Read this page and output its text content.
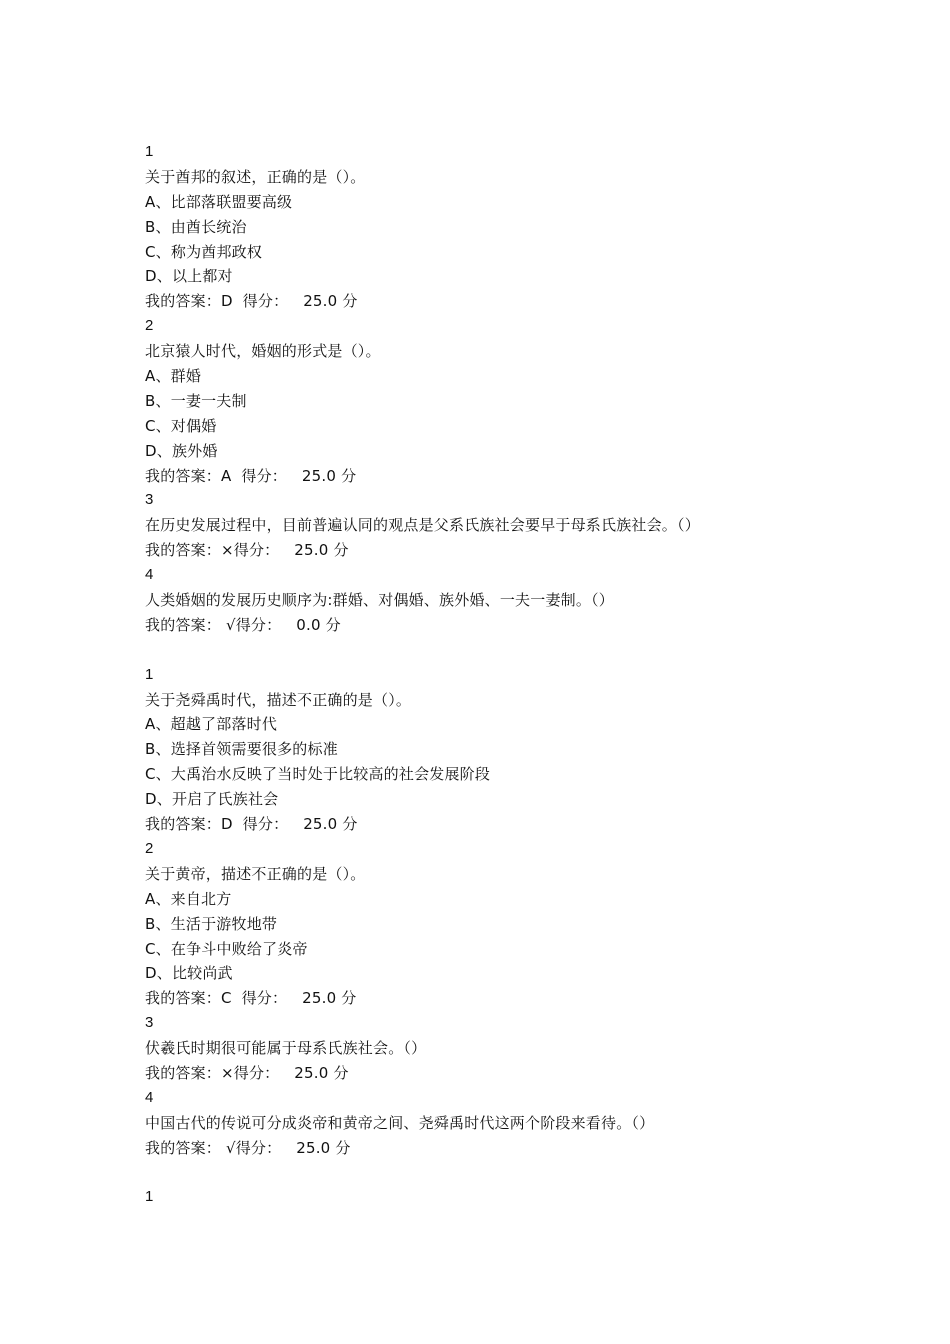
1
关于酋邦的叙述，正确的是（）。
A、比部落联盟要高级
B、由酋长统治
C、称为酋邦政权
D、以上都对
我的答案：D  得分：   25.0 分
2
北京猿人时代，婚姻的形式是（）。
A、群婚
B、一妻一夫制
C、对偶婚
D、族外婚
我的答案：A  得分：   25.0 分
3
在历史发展过程中，目前普遍认同的观点是父系氏族社会要早于母系氏族社会。（）
我的答案：×得分：   25.0 分
4
人类婚姻的发展历史顺序为:群婚、对偶婚、族外婚、一夫一妻制。（）
我的答案： √得分：   0.0 分
1
关于尧舜禹时代，描述不正确的是（）。
A、超越了部落时代
B、选择首领需要很多的标准
C、大禹治水反映了当时处于比较高的社会发展阶段
D、开启了氏族社会
我的答案：D  得分：   25.0 分
2
关于黄帝，描述不正确的是（）。
A、来自北方
B、生活于游牧地带
C、在争斗中败给了炎帝
D、比较尚武
我的答案：C  得分：   25.0 分
3
伏羲氏时期很可能属于母系氏族社会。（）
我的答案：×得分：   25.0 分
4
中国古代的传说可分成炎帝和黄帝之间、尧舜禹时代这两个阶段来看待。（）
我的答案： √得分：   25.0 分
1
